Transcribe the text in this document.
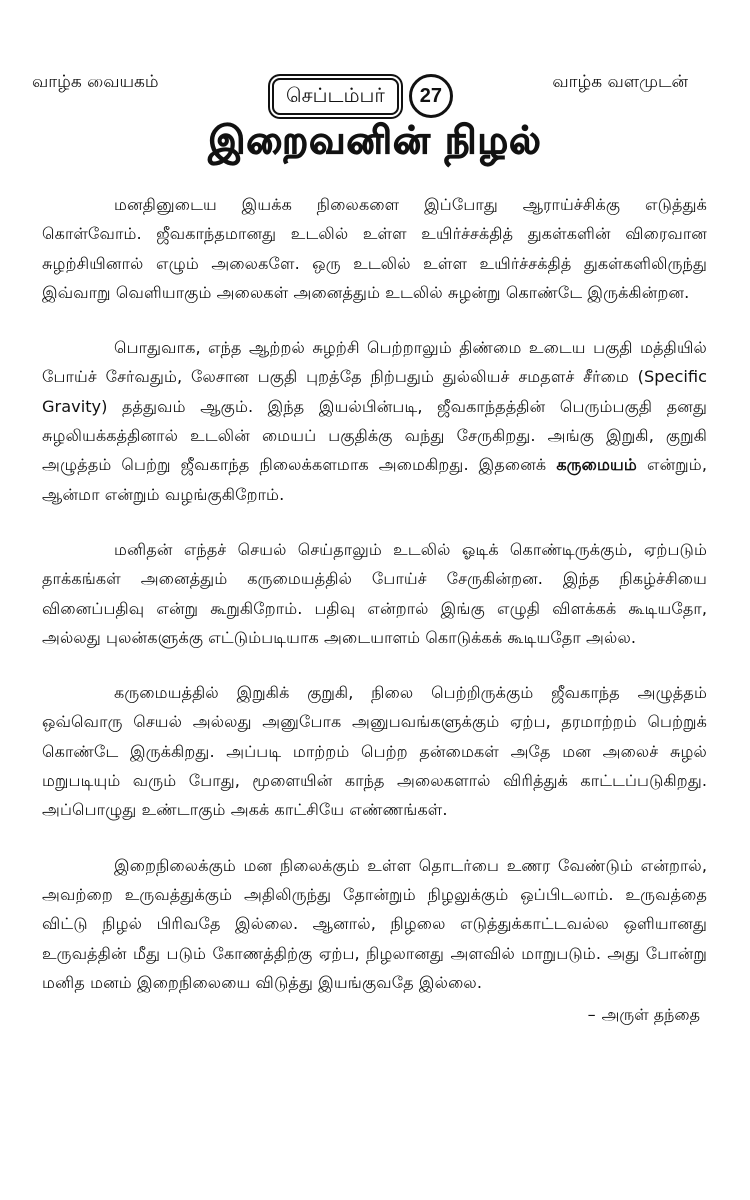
வாழ்க வையகம்
செப்டம்பர்	27
வாழ்க வளமுடன்
இறைவனின் நிழல்

மனதினுடைய இயக்க நிலைகளை இப்போது ஆராய்ச்சிக்கு எடுத்துக் கொள்வோம். ஜீவகாந்தமானது உடலில் உள்ள உயிர்ச்சக்தித் துகள்களின் விரைவான சுழற்சியினால் எழும் அலைகளே. ஒரு உடலில் உள்ள உயிர்ச்சக்தித் துகள்களிலிருந்து இவ்வாறு வெளியாகும் அலைகள் அனைத்தும் உடலில் சுழன்று கொண்டே இருக்கின்றன.

பொதுவாக, எந்த ஆற்றல் சுழற்சி பெற்றாலும் திண்மை உடைய பகுதி மத்தியில் போய்ச் சேர்வதும், லேசான பகுதி புறத்தே நிற்பதும் துல்லியச் சமதளச் சீர்மை (Specific Gravity) தத்துவம் ஆகும். இந்த இயல்பின்படி, ஜீவகாந்தத்தின் பெரும்பகுதி தனது சுழலியக்கத்தினால் உடலின் மையப் பகுதிக்கு வந்து சேருகிறது. அங்கு இறுகி, குறுகி அழுத்தம் பெற்று ஜீவகாந்த நிலைக்களமாக அமைகிறது. இதனைக் கருமையம் என்றும், ஆன்மா என்றும் வழங்குகிறோம்.

மனிதன் எந்தச் செயல் செய்தாலும் உடலில் ஓடிக் கொண்டிருக்கும், ஏற்படும் தாக்கங்கள் அனைத்தும் கருமையத்தில் போய்ச் சேருகின்றன. இந்த நிகழ்ச்சியை வினைப்பதிவு என்று கூறுகிறோம். பதிவு என்றால் இங்கு எழுதி விளக்கக் கூடியதோ, அல்லது புலன்களுக்கு எட்டும்படியாக அடையாளம் கொடுக்கக் கூடியதோ அல்ல.

கருமையத்தில் இறுகிக் குறுகி, நிலை பெற்றிருக்கும் ஜீவகாந்த அழுத்தம் ஒவ்வொரு செயல் அல்லது அனுபோக அனுபவங்களுக்கும் ஏற்ப, தரமாற்றம் பெற்றுக் கொண்டே இருக்கிறது. அப்படி மாற்றம் பெற்ற தன்மைகள் அதே மன அலைச் சுழல் மறுபடியும் வரும் போது, மூளையின் காந்த அலைகளால் விரித்துக் காட்டப்படுகிறது. அப்பொழுது உண்டாகும் அகக் காட்சியே எண்ணங்கள்.

இறைநிலைக்கும் மன நிலைக்கும் உள்ள தொடர்பை உணர வேண்டும் என்றால், அவற்றை உருவத்துக்கும் அதிலிருந்து தோன்றும் நிழலுக்கும் ஒப்பிடலாம். உருவத்தை விட்டு நிழல் பிரிவதே இல்லை. ஆனால், நிழலை எடுத்துக்காட்டவல்ல ஒளியானது உருவத்தின் மீது படும் கோணத்திற்கு ஏற்ப, நிழலானது அளவில் மாறுபடும். அது போன்று மனித மனம் இறைநிலையை விடுத்து இயங்குவதே இல்லை.

– அருள் தந்தை
